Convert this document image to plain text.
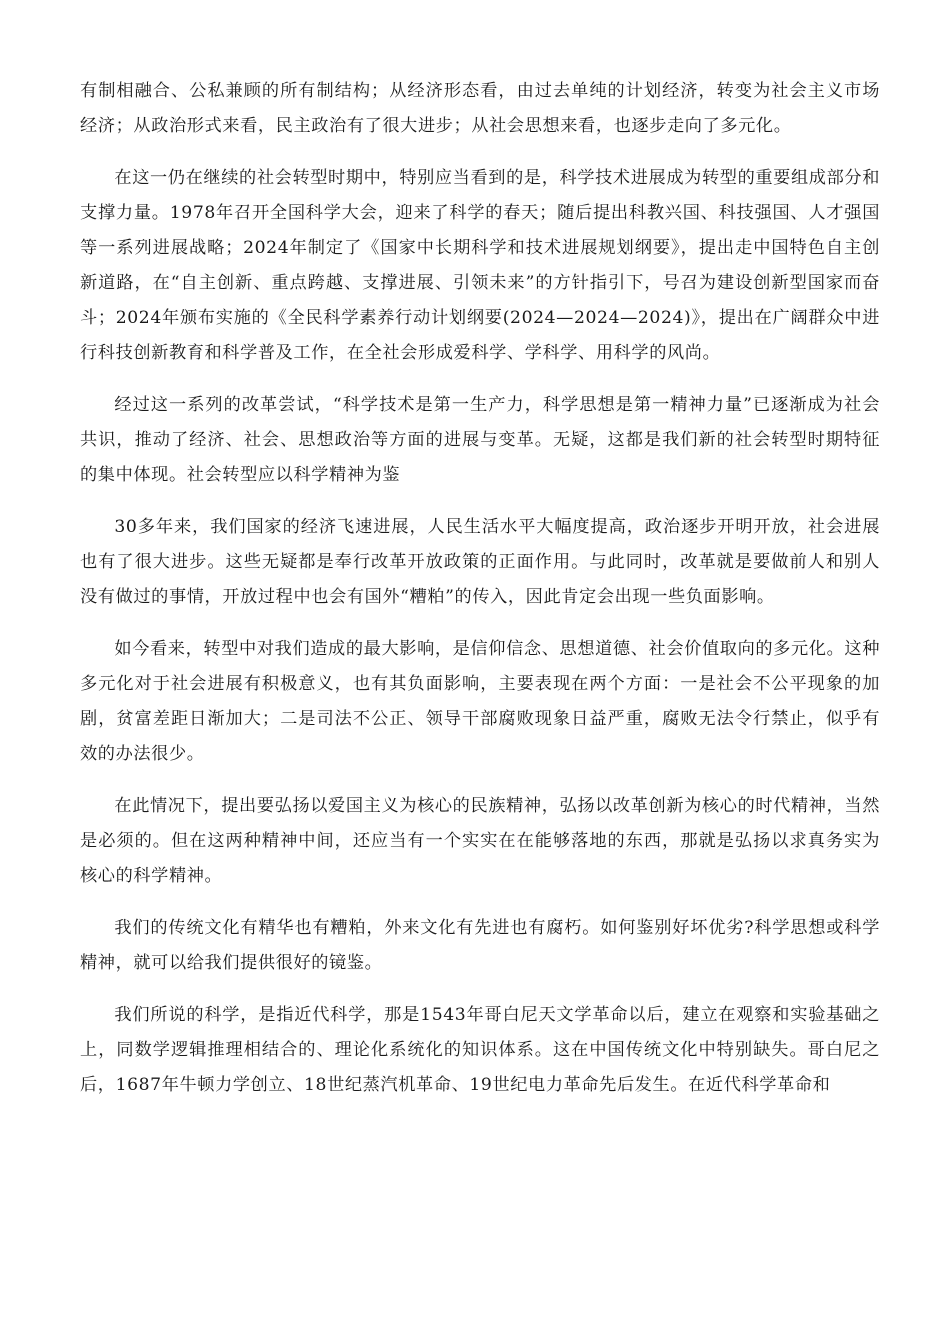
有制相融合、公私兼顾的所有制结构；从经济形态看，由过去单纯的计划经济，转变为社会主义市场经济；从政治形式来看，民主政治有了很大进步；从社会思想来看，也逐步走向了多元化。

在这一仍在继续的社会转型时期中，特别应当看到的是，科学技术进展成为转型的重要组成部分和支撑力量。1978年召开全国科学大会，迎来了科学的春天；随后提出科教兴国、科技强国、人才强国等一系列进展战略；2024年制定了《国家中长期科学和技术进展规划纲要》，提出走中国特色自主创新道路，在“自主创新、重点跨越、支撑进展、引领未来”的方针指引下，号召为建设创新型国家而奋斗；2024年颁布实施的《全民科学素养行动计划纲要(2024—2024—2024)》，提出在广阔群众中进行科技创新教育和科学普及工作，在全社会形成爱科学、学科学、用科学的风尚。

经过这一系列的改革尝试，“科学技术是第一生产力，科学思想是第一精神力量”已逐渐成为社会共识，推动了经济、社会、思想政治等方面的进展与变革。无疑，这都是我们新的社会转型时期特征的集中体现。社会转型应以科学精神为鉴

30多年来，我们国家的经济飞速进展，人民生活水平大幅度提高，政治逐步开明开放，社会进展也有了很大进步。这些无疑都是奉行改革开放政策的正面作用。与此同时，改革就是要做前人和别人没有做过的事情，开放过程中也会有国外“糟粕”的传入，因此肯定会出现一些负面影响。

如今看来，转型中对我们造成的最大影响，是信仰信念、思想道德、社会价值取向的多元化。这种多元化对于社会进展有积极意义，也有其负面影响，主要表现在两个方面：一是社会不公平现象的加剧，贫富差距日渐加大；二是司法不公正、领导干部腐败现象日益严重，腐败无法令行禁止，似乎有效的办法很少。

在此情况下，提出要弘扬以爱国主义为核心的民族精神，弘扬以改革创新为核心的时代精神，当然是必须的。但在这两种精神中间，还应当有一个实实在在能够落地的东西，那就是弘扬以求真务实为核心的科学精神。

我们的传统文化有精华也有糟粕，外来文化有先进也有腐朽。如何鉴别好坏优劣?科学思想或科学精神，就可以给我们提供很好的镜鉴。

我们所说的科学，是指近代科学，那是1543年哥白尼天文学革命以后，建立在观察和实验基础之上，同数学逻辑推理相结合的、理论化系统化的知识体系。这在中国传统文化中特别缺失。哥白尼之后，1687年牛顿力学创立、18世纪蒸汽机革命、19世纪电力革命先后发生。在近代科学革命和
